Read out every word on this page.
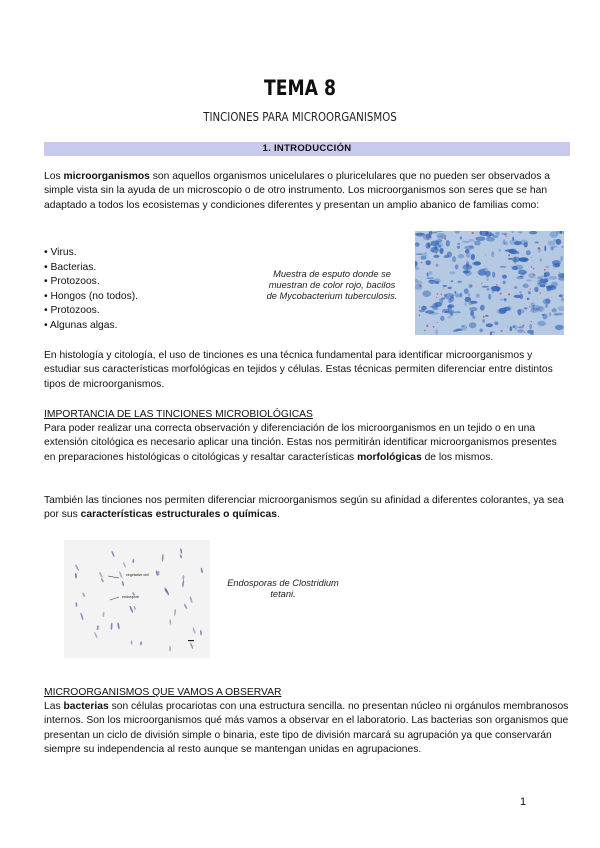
TEMA 8
TINCIONES PARA MICROORGANISMOS
1. INTRODUCCIÓN

Los microorganismos son aquellos organismos unicelulares o pluricelulares que no pueden ser observados a simple vista sin la ayuda de un microscopio o de otro instrumento. Los microorganismos son seres que se han adaptado a todos los ecosistemas y condiciones diferentes y presentan un amplio abanico de familias como:

• Virus.
• Bacterias.
• Protozoos.
• Hongos (no todos).
• Protozoos.
• Algunas algas.
Muestra de esputo donde se
muestran de color rojo, bacilos
de Mycobacterium tuberculosis.

En histología y citología, el uso de tinciones es una técnica fundamental para identificar microorganismos y estudiar sus características morfológicas en tejidos y células. Estas técnicas permiten diferenciar entre distintos tipos de microorganismos.

IMPORTANCIA DE LAS TINCIONES MICROBIOLÓGICAS

Para poder realizar una correcta observación y diferenciación de los microorganismos en un tejido o en una extensión citológica es necesario aplicar una tinción. Estas nos permitirán identificar microorganismos presentes en preparaciones histológicas o citológicas y resaltar características morfológicas de los mismos.

También las tinciones nos permiten diferenciar microorganismos según su afinidad a diferentes colorantes, ya sea por sus características estructurales o químicas.

vegetative cell
endospore
Endosporas de Clostridium
tetani.
MICROORGANISMOS QUE VAMOS A OBSERVAR

Las bacterias son células procariotas con una estructura sencilla. no presentan núcleo ni orgánulos membranosos internos. Son los microorganismos qué más vamos a observar en el laboratorio. Las bacterias son organismos que presentan un ciclo de división simple o binaria, este tipo de división marcará su agrupación ya que conservarán siempre su independencia al resto aunque se mantengan unidas en agrupaciones.

1
